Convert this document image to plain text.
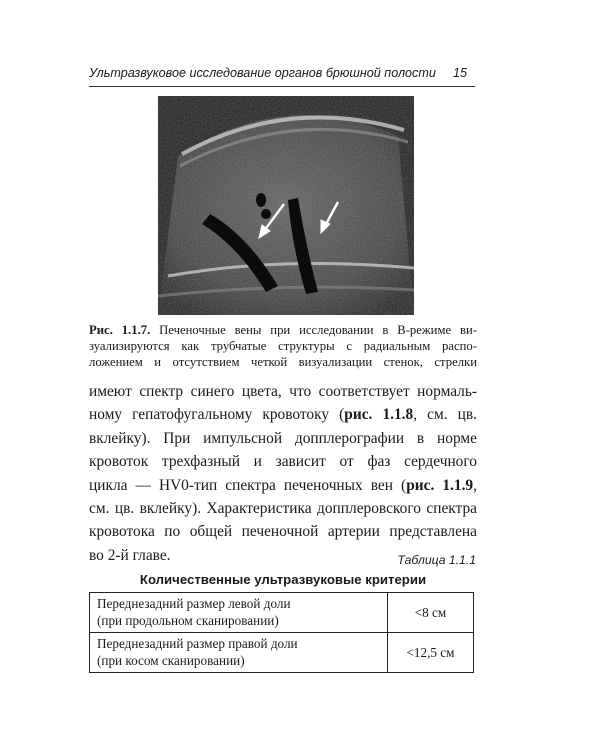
Ультразвуковое исследование органов брюшной полости 15
Рис. 1.1.7. Печеночные вены при исследовании в В-режиме ви-
зуализируются как трубчатые структуры с радиальным распо-
ложением и отсутствием четкой визуализации стенок, стрелки
имеют спектр синего цвета, что соответствует нормаль-
ному гепатофугальному кровотоку (рис. 1.1.8, см. цв.
вклейку). При импульсной допплерографии в норме
кровоток трехфазный и зависит от фаз сердечного
цикла — HV0-тип спектра печеночных вен (рис. 1.1.9,
см. цв. вклейку). Характеристика допплеровского спектра
кровотока по общей печеночной артерии представлена
во 2-й главе.	Таблица 1.1.1
Количественные ультразвуковые критерии
Переднезадний размер левой доли
(при продольном сканировании)	<8 см

Переднезадний размер правой доли
(при косом сканировании)	<12,5 см
